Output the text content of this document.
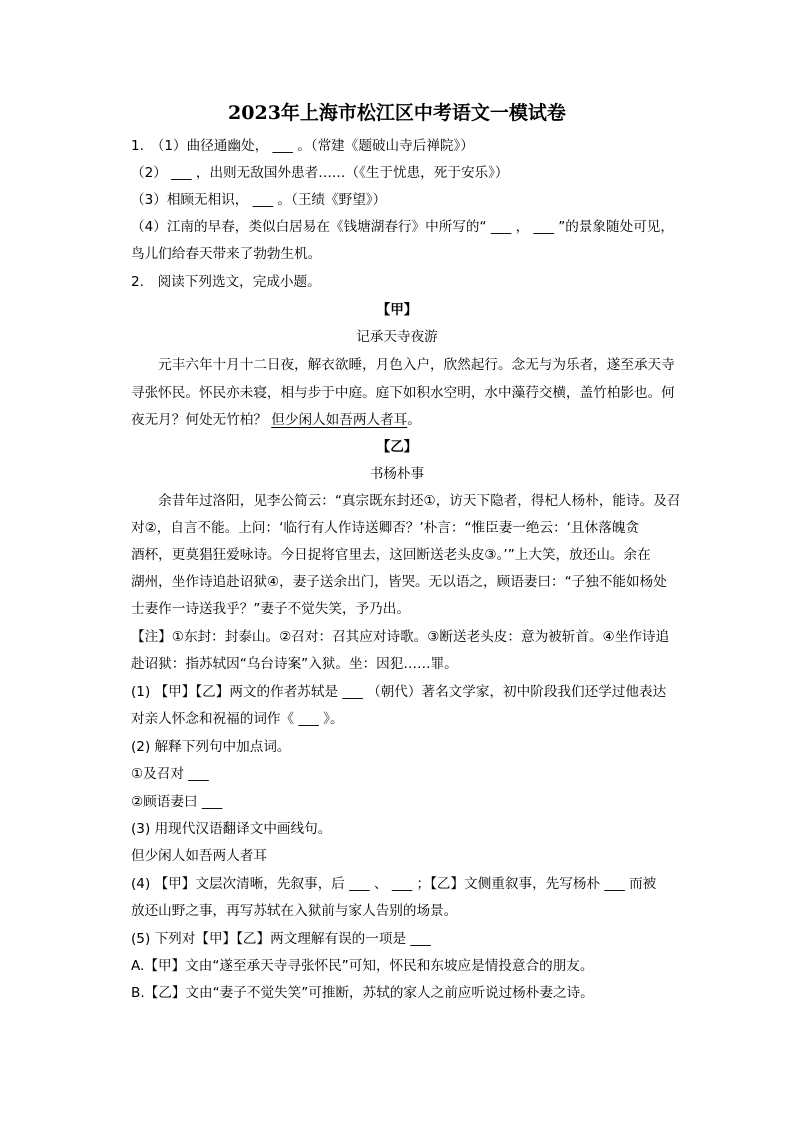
2023年上海市松江区中考语文一模试卷
1.　（1）曲径通幽处， ___ 。（常建《题破山寺后禅院》）
（2） ___ ，出则无敌国外患者……（《生于忧患，死于安乐》）
（3）相顾无相识， ___ 。（王绩《野望》）
（4）江南的早春，类似白居易在《钱塘湖春行》中所写的“ ___ ， ___ ”的景象随处可见，
鸟儿们给春天带来了勃勃生机。
2.　阅读下列选文，完成小题。
【甲】
记承天寺夜游
　　元丰六年十月十二日夜，解衣欲睡，月色入户，欣然起行。念无与为乐者，遂至承天寺
寻张怀民。怀民亦未寝，相与步于中庭。庭下如积水空明，水中藻荇交横，盖竹柏影也。何
夜无月？何处无竹柏？ 但少闲人如吾两人者耳。
【乙】
书杨朴事
　　余昔年过洛阳，见李公简云：“真宗既东封还①，访天下隐者，得杞人杨朴，能诗。及召
对②，自言不能。上问：‘临行有人作诗送卿否？’朴言：“惟臣妻一绝云：‘且休落魄贪
酒杯，更莫猖狂爱咏诗。今日捉将官里去，这回断送老头皮③。’”上大笑，放还山。余在
湖州，坐作诗追赴诏狱④，妻子送余出门，皆哭。无以语之，顾语妻曰：“子独不能如杨处
士妻作一诗送我乎？”妻子不觉失笑，予乃出。
【注】①东封：封泰山。②召对：召其应对诗歌。③断送老头皮：意为被斩首。④坐作诗追
赴诏狱：指苏轼因“乌台诗案”入狱。坐：因犯……罪。
(1) 【甲】【乙】两文的作者苏轼是 ___ （朝代）著名文学家，初中阶段我们还学过他表达
对亲人怀念和祝福的词作《 ___ 》。
(2) 解释下列句中加点词。
①及召对 ___
②顾语妻曰 ___
(3) 用现代汉语翻译文中画线句。
但少闲人如吾两人者耳
(4) 【甲】文层次清晰，先叙事，后 ___ 、 ___ ；【乙】文侧重叙事，先写杨朴 ___ 而被
放还山野之事，再写苏轼在入狱前与家人告别的场景。
(5) 下列对【甲】【乙】两文理解有误的一项是 ___
A.【甲】文由“遂至承天寺寻张怀民”可知，怀民和东坡应是情投意合的朋友。
B.【乙】文由“妻子不觉失笑”可推断，苏轼的家人之前应听说过杨朴妻之诗。
